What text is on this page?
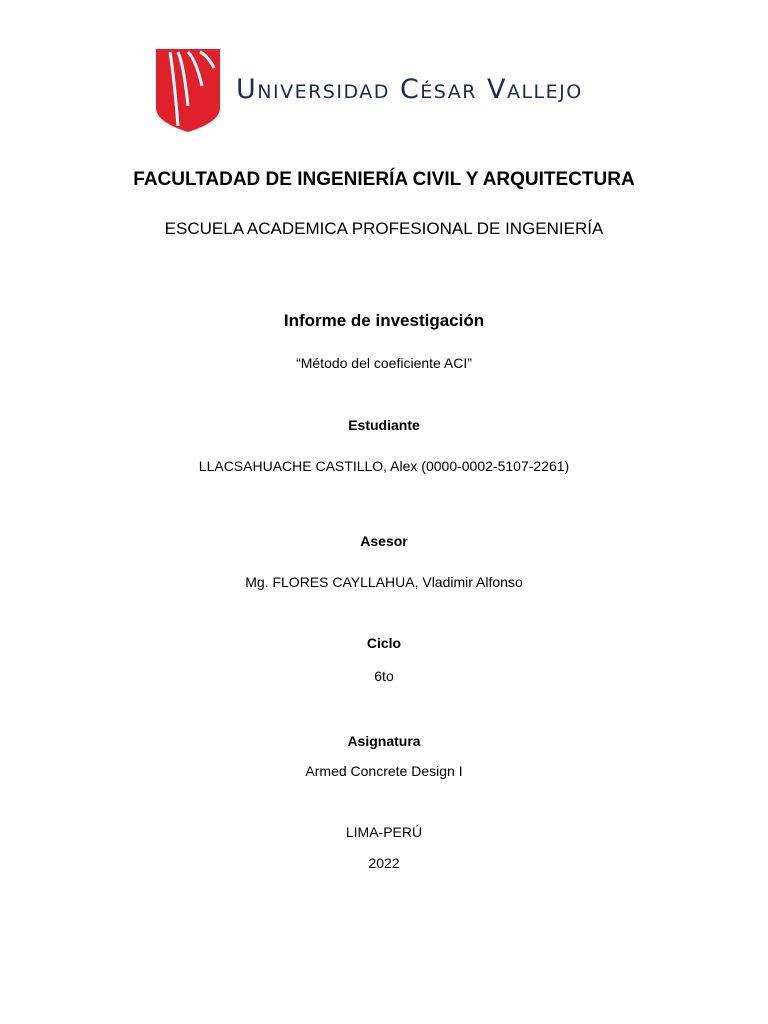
Universidad César Vallejo
FACULTADAD DE INGENIERÍA CIVIL Y ARQUITECTURA
ESCUELA ACADEMICA PROFESIONAL DE INGENIERÍA
Informe de investigación
“Método del coeficiente ACI”
Estudiante
LLACSAHUACHE CASTILLO, Alex (0000-0002-5107-2261)
Asesor
Mg. FLORES CAYLLAHUA, Vladimir Alfonso
Ciclo
6to
Asignatura
Armed Concrete Design I
LIMA-PERÚ
2022
